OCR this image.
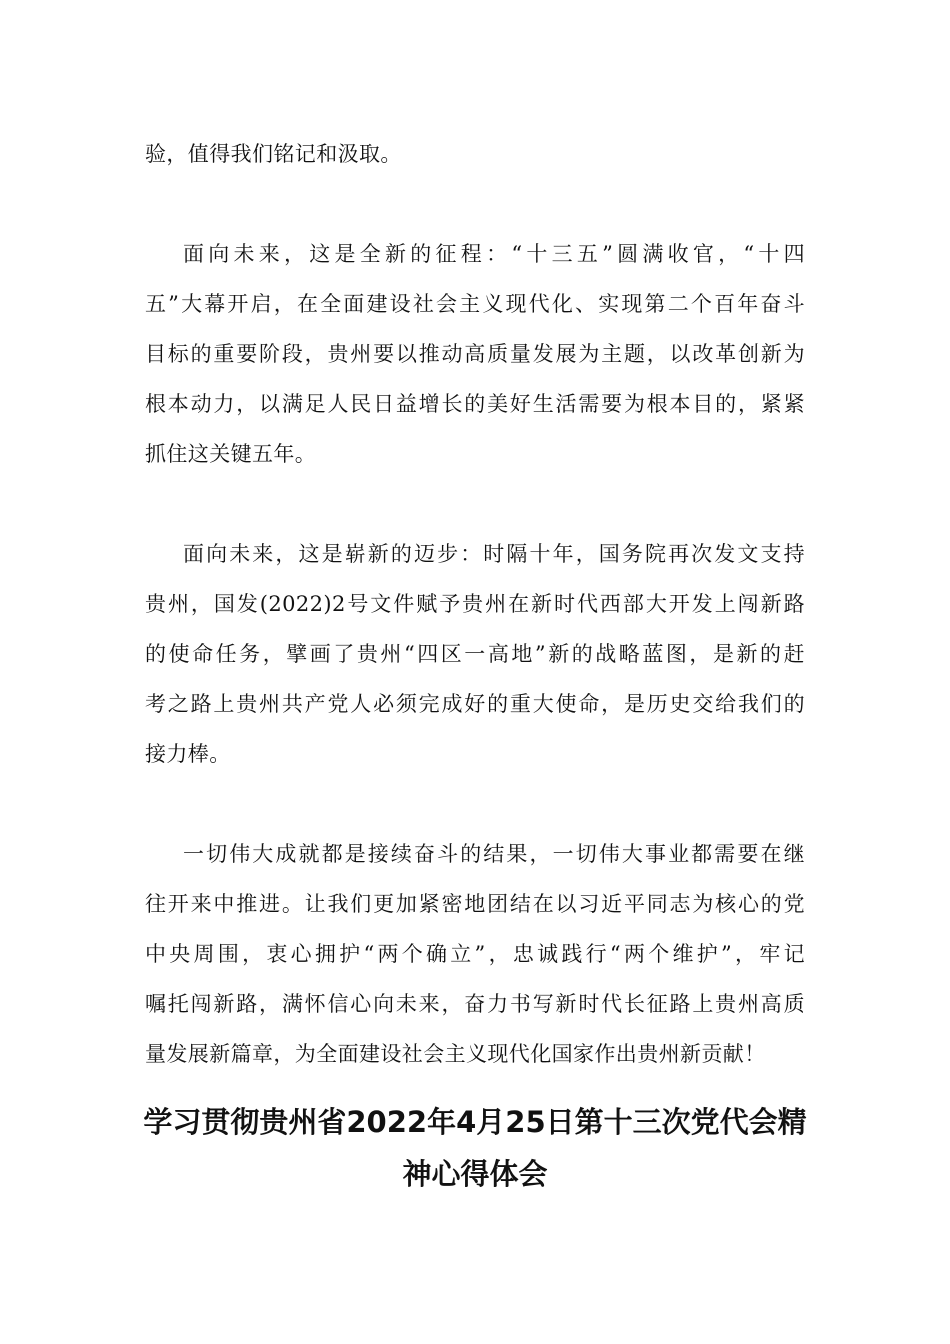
验，值得我们铭记和汲取。
面向未来，这是全新的征程：“十三五”圆满收官，“十四
五”大幕开启，在全面建设社会主义现代化、实现第二个百年奋斗
目标的重要阶段，贵州要以推动高质量发展为主题，以改革创新为
根本动力，以满足人民日益增长的美好生活需要为根本目的，紧紧
抓住这关键五年。
面向未来，这是崭新的迈步：时隔十年，国务院再次发文支持
贵州，国发(2022)2号文件赋予贵州在新时代西部大开发上闯新路
的使命任务，擘画了贵州“四区一高地”新的战略蓝图，是新的赶
考之路上贵州共产党人必须完成好的重大使命，是历史交给我们的
接力棒。
一切伟大成就都是接续奋斗的结果，一切伟大事业都需要在继
往开来中推进。让我们更加紧密地团结在以习近平同志为核心的党
中央周围，衷心拥护“两个确立”，忠诚践行“两个维护”，牢记
嘱托闯新路，满怀信心向未来，奋力书写新时代长征路上贵州高质
量发展新篇章，为全面建设社会主义现代化国家作出贵州新贡献！
学习贯彻贵州省2022年4月25日第十三次党代会精
神心得体会
